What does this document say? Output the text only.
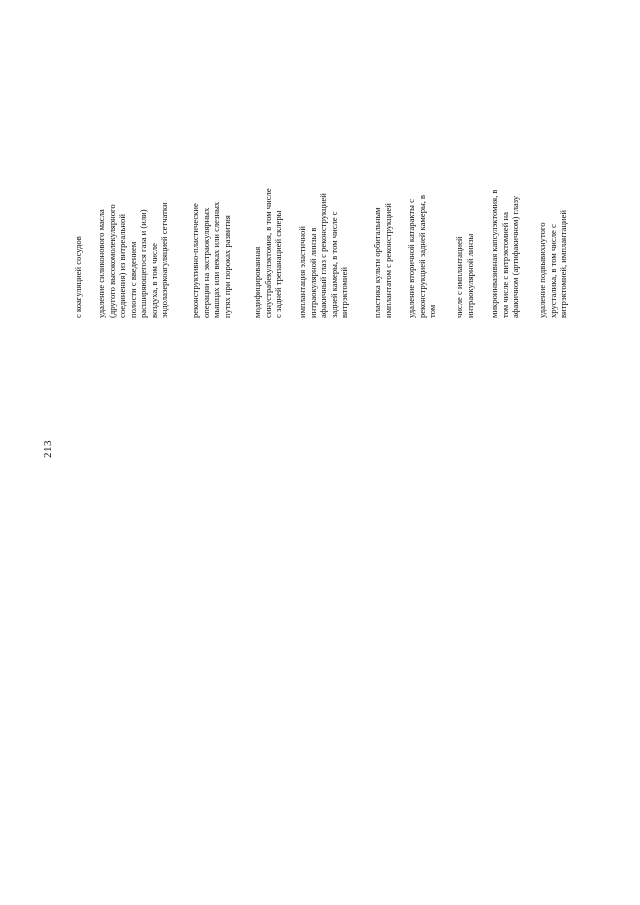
213
с коагуляцией сосудов удаление силиконового масла
(другого высокомолекулярного
соединения) из витреальной
полости с введением
расширяющегося газа и (или)
воздуха, в том числе
эндолазеркоагуляцией сетчатки реконструктивно-пластические
операции на экстраокулярных
мышцах или веках или слезных
путях при пороках развития
модифицированная
синустрабекулэктомия, в том числе
с задней трепанацией склеры
имплантация эластичной
интраокулярной линзы в
афакичный глаз с реконструкцией
задней камеры, в том числе с
витрэктомией	пластика культи орбитальным
имплантатом с реконструкцией
удаление вторичной катаракты с
реконструкцией задней камеры, в
том числе с имплантацией
интраокулярной линзы
микроинвазивная капсулэктомия, в
том числе с витрэктомией на
афакичном (артифакичном) глазу
удаление подвывихнутого
хрусталика, в том числе с
витрэктомией, имплантацией
